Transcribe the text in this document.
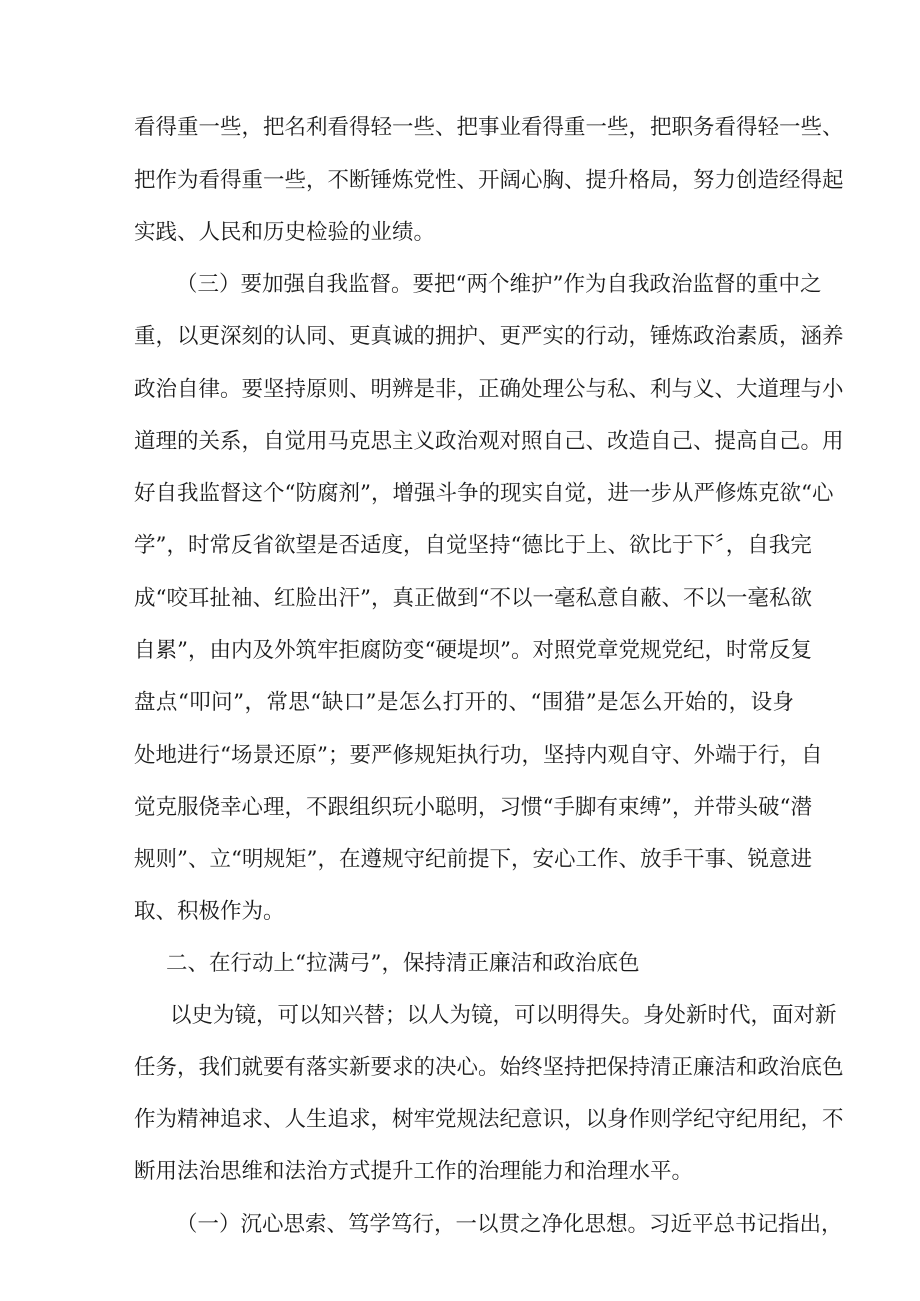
看得重一些，把名利看得轻一些、把事业看得重一些，把职务看得轻一些、
把作为看得重一些，不断锤炼党性、开阔心胸、提升格局，努力创造经得起
实践、人民和历史检验的业绩。
（三）要加强自我监督。要把“两个维护”作为自我政治监督的重中之
重，以更深刻的认同、更真诚的拥护、更严实的行动，锤炼政治素质，涵养
政治自律。要坚持原则、明辨是非，正确处理公与私、利与义、大道理与小
道理的关系，自觉用马克思主义政治观对照自己、改造自己、提高自己。用
好自我监督这个“防腐剂”，增强斗争的现实自觉，进一步从严修炼克欲“心
学”，时常反省欲望是否适度，自觉坚持“德比于上、欲比于下〞，自我完
成“咬耳扯袖、红脸出汗”，真正做到“不以一毫私意自蔽、不以一毫私欲
自累”，由内及外筑牢拒腐防变“硬堤坝”。对照党章党规党纪，时常反复
盘点“叩问”，常思“缺口”是怎么打开的、“围猎”是怎么开始的，设身
处地进行“场景还原”；要严修规矩执行功，坚持内观自守、外端于行，自
觉克服侥幸心理，不跟组织玩小聪明，习惯“手脚有束缚”，并带头破“潜
规则”、立“明规矩”，在遵规守纪前提下，安心工作、放手干事、锐意进
取、积极作为。
二、在行动上“拉满弓”，保持清正廉洁和政治底色
以史为镜，可以知兴替；以人为镜，可以明得失。身处新时代，面对新
任务，我们就要有落实新要求的决心。始终坚持把保持清正廉洁和政治底色
作为精神追求、人生追求，树牢党规法纪意识，以身作则学纪守纪用纪，不
断用法治思维和法治方式提升工作的治理能力和治理水平。
（一）沉心思索、笃学笃行，一以贯之净化思想。习近平总书记指出，
